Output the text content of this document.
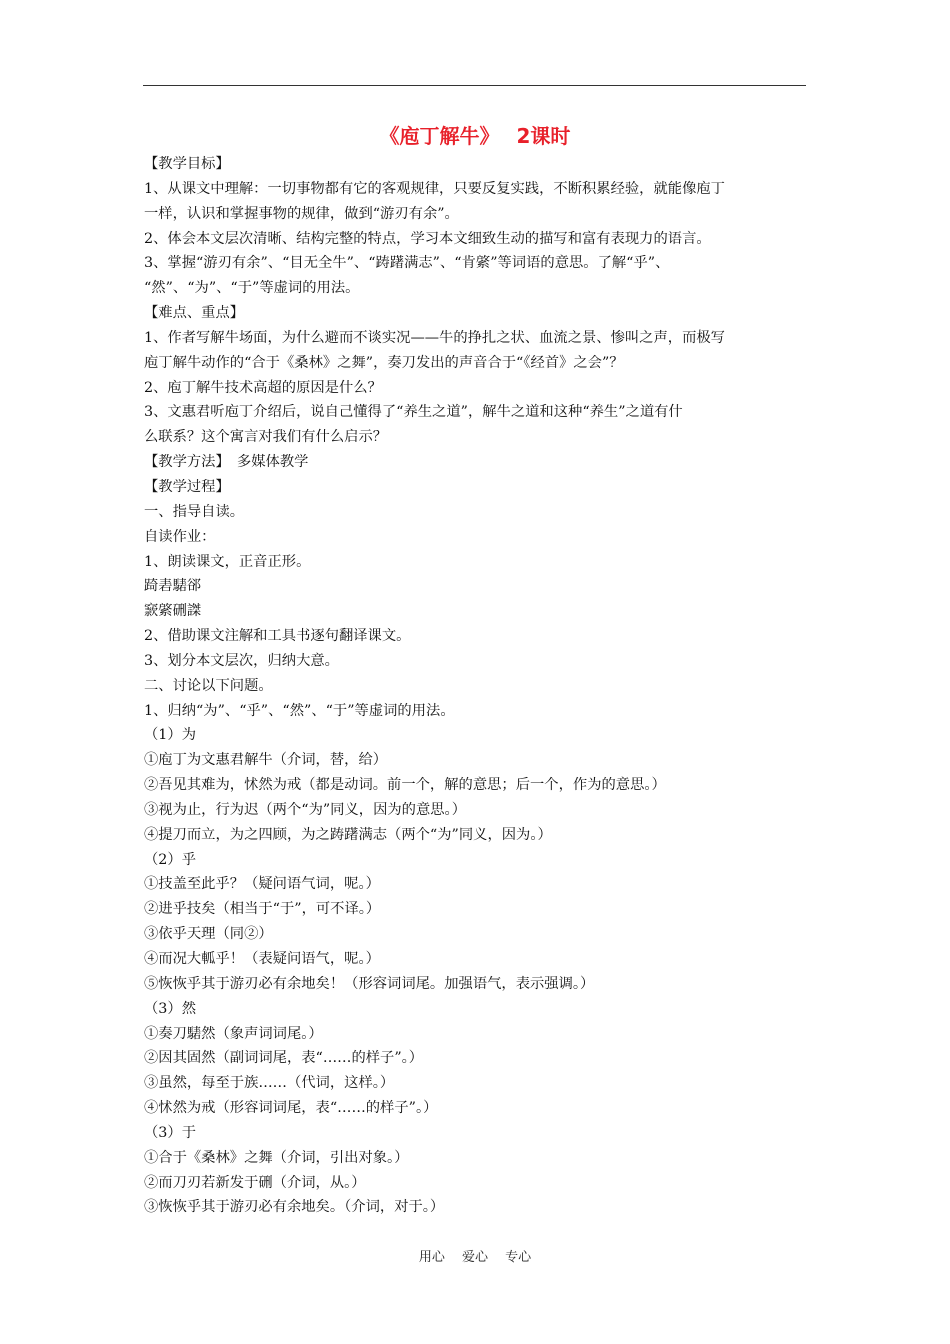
《庖丁解牛》　 2课时
【教学目标】
1、从课文中理解：一切事物都有它的客观规律，只要反复实践，不断积累经验，就能像庖丁
一样，认识和掌握事物的规律，做到“游刃有余”。
2、体会本文层次清晰、结构完整的特点，学习本文细致生动的描写和富有表现力的语言。
3、掌握“游刃有余”、“目无全牛”、“踌躇满志”、“肯綮”等词语的意思。了解“乎”、
“然”、“为”、“于”等虚词的用法。
【难点、重点】
1、作者写解牛场面，为什么避而不谈实况——牛的挣扎之状、血流之景、惨叫之声，而极写
庖丁解牛动作的“合于《桑林》之舞”，奏刀发出的声音合于“《经首》之会”？
2、庖丁解牛技术高超的原因是什么？
3、文惠君听庖丁介绍后，说自己懂得了“养生之道”，解牛之道和这种“养生”之道有什
么联系？这个寓言对我们有什么启示？
【教学方法】　多媒体教学
【教学过程】
一、指导自读。
自读作业：
1、朗读课文，正音正形。
踦砉騞郤
窾綮硎謋
2、借助课文注解和工具书逐句翻译课文。
3、划分本文层次，归纳大意。
二、讨论以下问题。
1、归纳“为”、“乎”、“然”、“于”等虚词的用法。
（1）为
①庖丁为文惠君解牛（介词，替，给）
②吾见其难为，怵然为戒（都是动词。前一个，解的意思；后一个，作为的意思。）
③视为止，行为迟（两个“为”同义，因为的意思。）
④提刀而立，为之四顾，为之踌躇满志（两个“为”同义，因为。）
（2）乎
①技盖至此乎？（疑问语气词，呢。）
②进乎技矣（相当于“于”，可不译。）
③依乎天理（同②）
④而况大軱乎！（表疑问语气，呢。）
⑤恢恢乎其于游刃必有余地矣！（形容词词尾。加强语气，表示强调。）
（3）然
①奏刀騞然（象声词词尾。）
②因其固然（副词词尾，表“……的样子”。）
③虽然，每至于族……（代词，这样。）
④怵然为戒（形容词词尾，表“……的样子”。）
（3）于
①合于《桑林》之舞（介词，引出对象。）
②而刀刃若新发于硎（介词，从。）
③恢恢乎其于游刃必有余地矣。（介词，对于。）
用心　 爱心　 专心
